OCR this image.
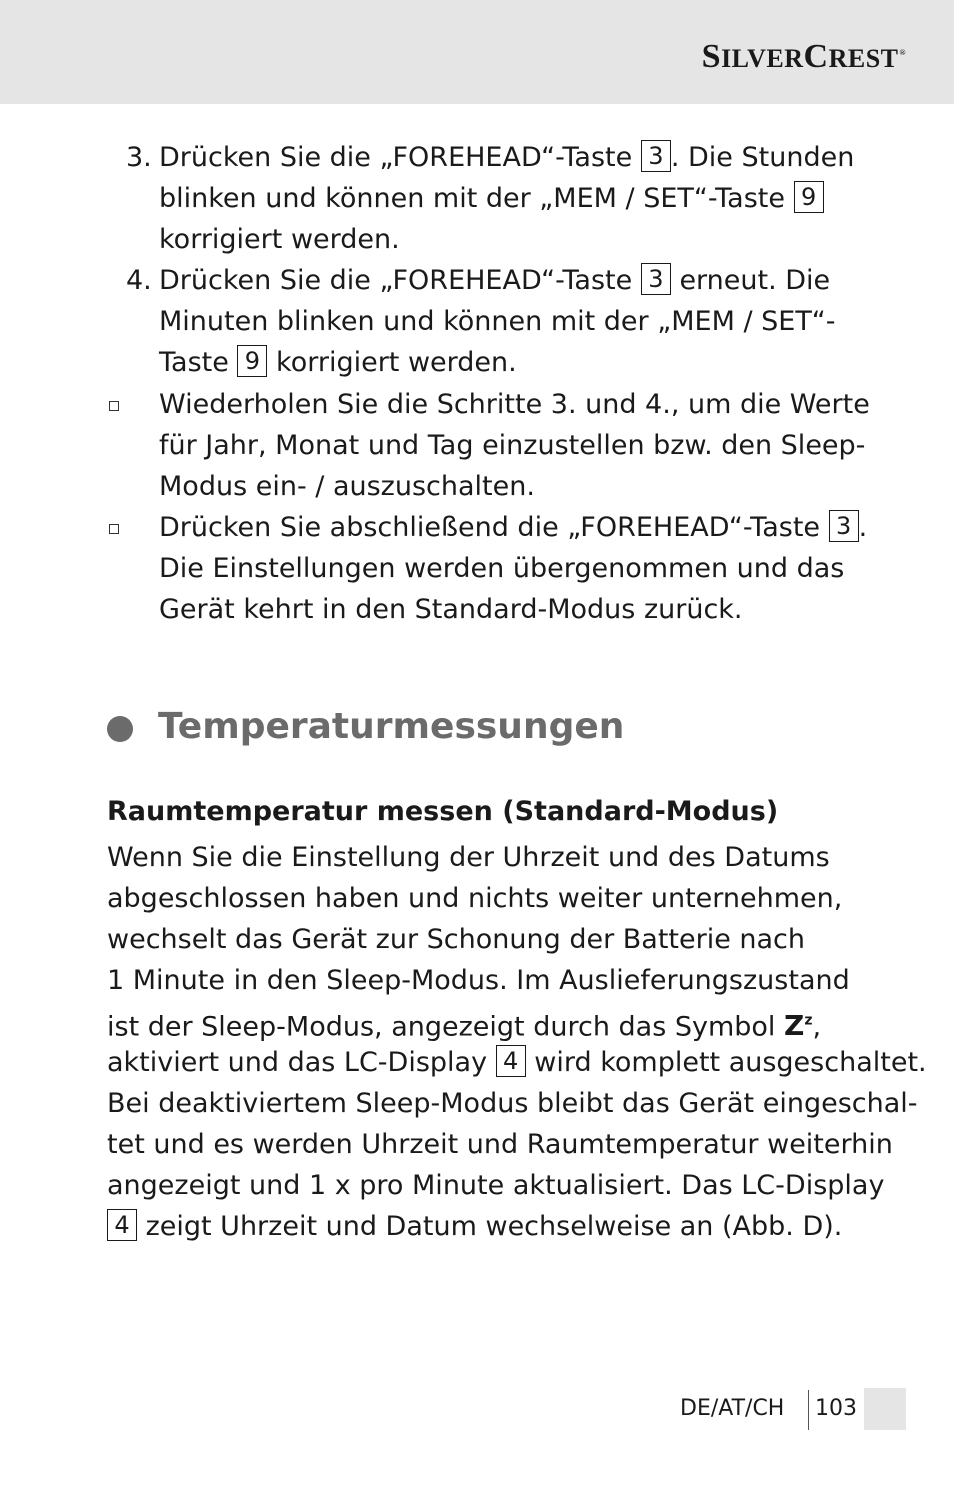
SILVERCREST®
3. Drücken Sie die „FOREHEAD“-Taste 3 . Die Stunden
blinken und können mit der „MEM / SET“-Taste 9
korrigiert werden.
4. Drücken Sie die „FOREHEAD“-Taste 3 erneut. Die
Minuten blinken und können mit der „MEM / SET“-
Taste 9 korrigiert werden.
Wiederholen Sie die Schritte 3. und 4., um die Werte
für Jahr, Monat und Tag einzustellen bzw. den Sleep-
Modus ein- / auszuschalten.
Drücken Sie abschließend die „FOREHEAD“-Taste 3 .
Die Einstellungen werden übergenommen und das
Gerät kehrt in den Standard-Modus zurück.
Temperaturmessungen
Raumtemperatur messen (Standard-Modus)
Wenn Sie die Einstellung der Uhrzeit und des Datums
abgeschlossen haben und nichts weiter unternehmen,
wechselt das Gerät zur Schonung der Batterie nach
1 Minute in den Sleep-Modus. Im Auslieferungszustand
ist der Sleep-Modus, angezeigt durch das Symbol $Z^z$,
aktiviert und das LC-Display 4 wird komplett ausgeschaltet.
Bei deaktiviertem Sleep-Modus bleibt das Gerät eingeschal-
tet und es werden Uhrzeit und Raumtemperatur weiterhin
angezeigt und 1 x pro Minute aktualisiert. Das LC-Display
4 zeigt Uhrzeit und Datum wechselweise an (Abb. D).
DE/AT/CH 103
